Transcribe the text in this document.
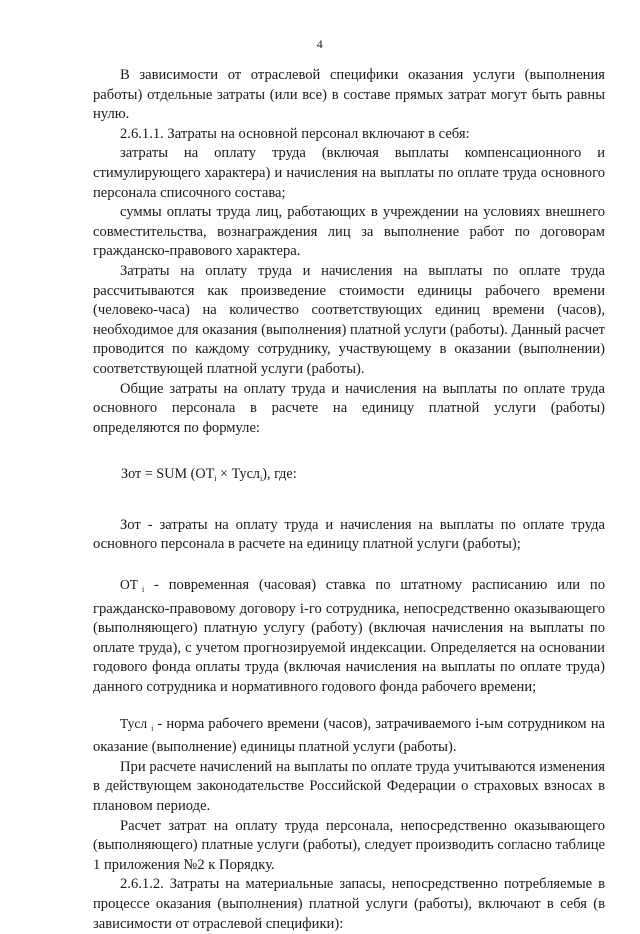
4

В зависимости от отраслевой специфики оказания услуги (выполнения работы) отдельные затраты (или все) в составе прямых затрат могут быть равны нулю.

2.6.1.1. Затраты на основной персонал включают в себя:

затраты на оплату труда (включая выплаты компенсационного и стимулирующего характера) и начисления на выплаты по оплате труда основного персонала списочного состава;

суммы оплаты труда лиц, работающих в учреждении на условиях внешнего совместительства, вознаграждения лиц за выполнение работ по договорам гражданско-правового характера.

Затраты на оплату труда и начисления на выплаты по оплате труда рассчитываются как произведение стоимости единицы рабочего времени (человеко-часа) на количество соответствующих единиц времени (часов), необходимое для оказания (выполнения) платной услуги (работы). Данный расчет проводится по каждому сотруднику, участвующему в оказании (выполнении) соответствующей платной услуги (работы).

Общие затраты на оплату труда и начисления на выплаты по оплате труда основного персонала в расчете на единицу платной услуги (работы) определяются по формуле:

Зот = SUM ($ОТ_i$ × Тусл$_i$), где:

Зот - затраты на оплату труда и начисления на выплаты по оплате труда основного персонала в расчете на единицу платной услуги (работы);

ОТ $_i$ - повременная (часовая) ставка по штатному расписанию или по гражданско-правовому договору i-го сотрудника, непосредственно оказывающего (выполняющего) платную услугу (работу) (включая начисления на выплаты по оплате труда), с учетом прогнозируемой индексации. Определяется на основании годового фонда оплаты труда (включая начисления на выплаты по оплате труда) данного сотрудника и нормативного годового фонда рабочего времени;

Тусл $_i$ - норма рабочего времени (часов), затрачиваемого i-ым сотрудником на оказание (выполнение) единицы платной услуги (работы).

При расчете начислений на выплаты по оплате труда учитываются изменения в действующем законодательстве Российской Федерации о страховых взносах в плановом периоде.

Расчет затрат на оплату труда персонала, непосредственно оказывающего (выполняющего) платные услуги (работы), следует производить согласно таблице 1 приложения №2 к Порядку.

2.6.1.2. Затраты на материальные запасы, непосредственно потребляемые в процессе оказания (выполнения) платной услуги (работы), включают в себя (в зависимости от отраслевой специфики):
